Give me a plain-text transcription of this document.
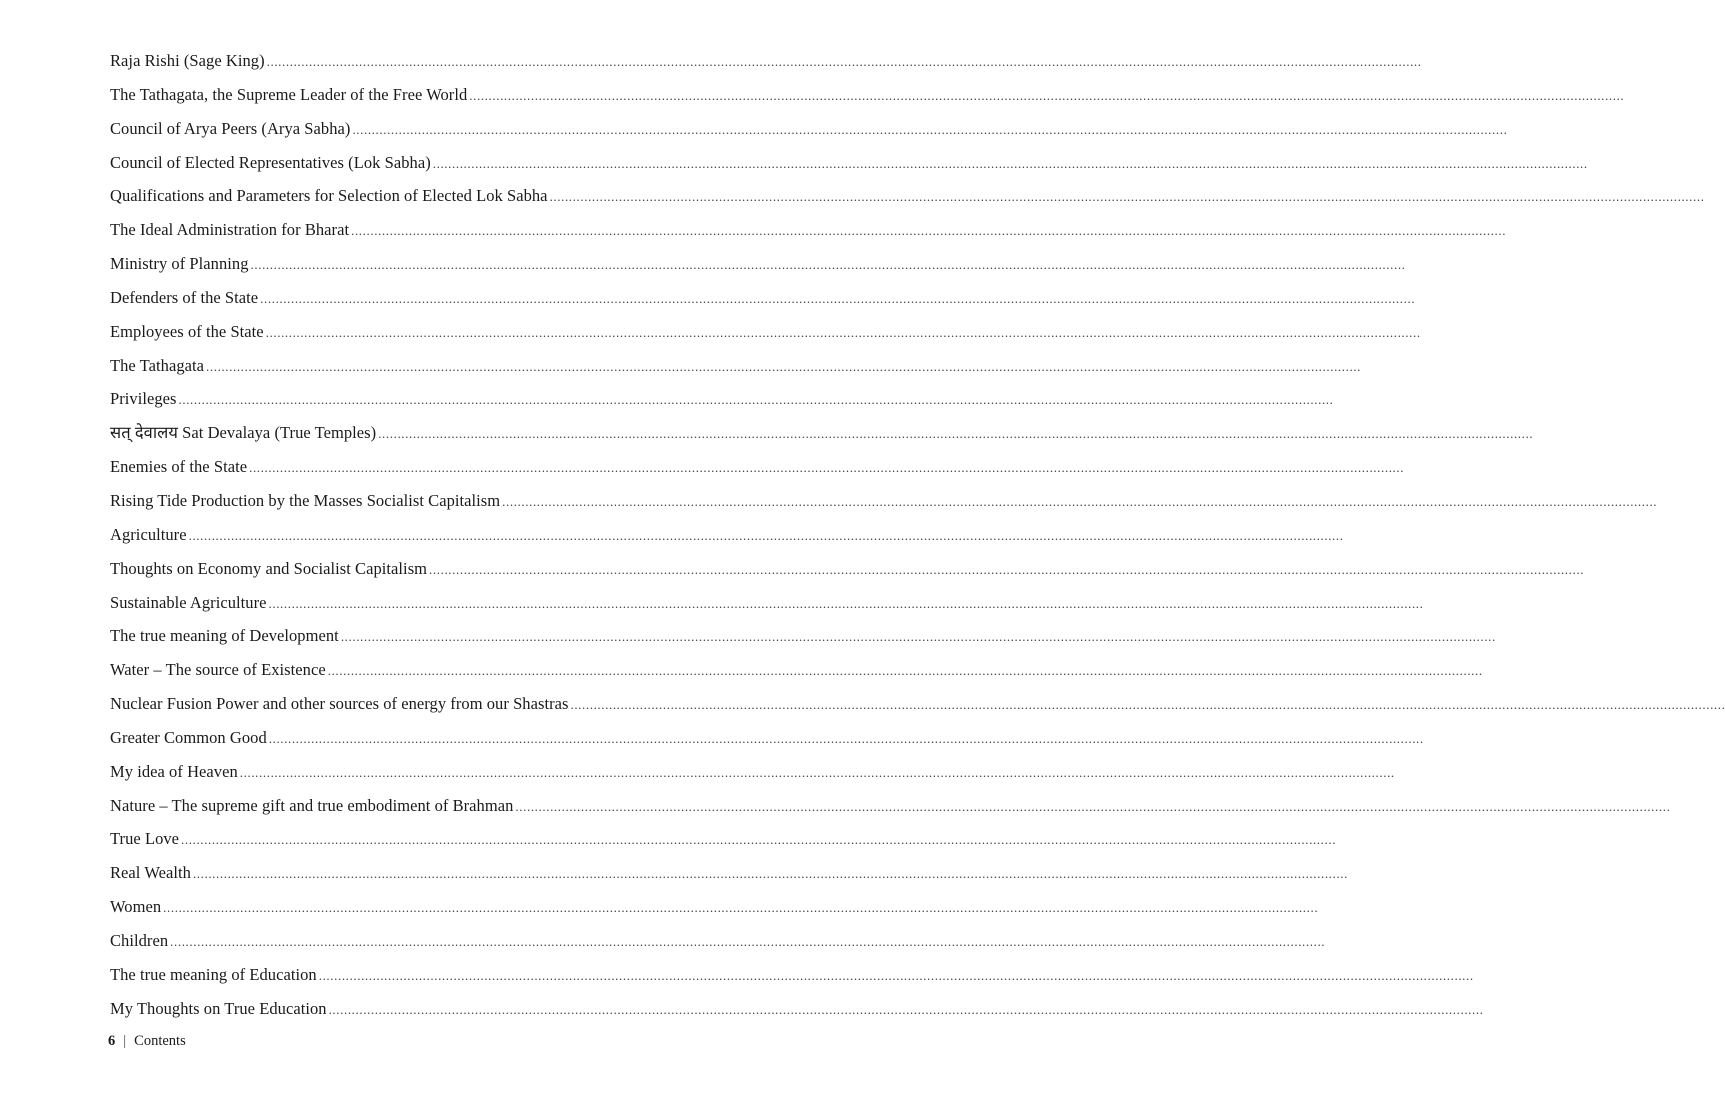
Raja Rishi (Sage King) ............................................................................................................................................................................................................................................................................................................
The Tathagata, the Supreme Leader of the Free World ............................................................................................................................................................................................................................................................................................................
Council of Arya Peers (Arya Sabha) ............................................................................................................................................................................................................................................................................................................
Council of Elected Representatives (Lok Sabha) ............................................................................................................................................................................................................................................................................................................
Qualifications and Parameters for Selection of Elected Lok Sabha ............................................................................................................................................................................................................................................................................................................
The Ideal Administration for Bharat ............................................................................................................................................................................................................................................................................................................
Ministry of Planning ............................................................................................................................................................................................................................................................................................................
Defenders of the State ............................................................................................................................................................................................................................................................................................................
Employees of the State ............................................................................................................................................................................................................................................................................................................
The Tathagata ............................................................................................................................................................................................................................................................................................................
Privileges ............................................................................................................................................................................................................................................................................................................
सत् देवालय Sat Devalaya (True Temples) ............................................................................................................................................................................................................................................................................................................
Enemies of the State ............................................................................................................................................................................................................................................................................................................
Rising Tide Production by the Masses Socialist Capitalism ............................................................................................................................................................................................................................................................................................................
Agriculture ............................................................................................................................................................................................................................................................................................................
Thoughts on Economy and Socialist Capitalism ............................................................................................................................................................................................................................................................................................................
Sustainable Agriculture ............................................................................................................................................................................................................................................................................................................
The true meaning of Development ............................................................................................................................................................................................................................................................................................................
Water – The source of Existence ............................................................................................................................................................................................................................................................................................................
Nuclear Fusion Power and other sources of energy from our Shastras ............................................................................................................................................................................................................................................................................................................
Greater Common Good ............................................................................................................................................................................................................................................................................................................
My idea of Heaven ............................................................................................................................................................................................................................................................................................................
Nature – The supreme gift and true embodiment of Brahman ............................................................................................................................................................................................................................................................................................................
True Love ............................................................................................................................................................................................................................................................................................................
Real Wealth ............................................................................................................................................................................................................................................................................................................
Women ............................................................................................................................................................................................................................................................................................................
Children ............................................................................................................................................................................................................................................................................................................
The true meaning of Education ............................................................................................................................................................................................................................................................................................................
My Thoughts on True Education ............................................................................................................................................................................................................................................................................................................
6 | Contents
